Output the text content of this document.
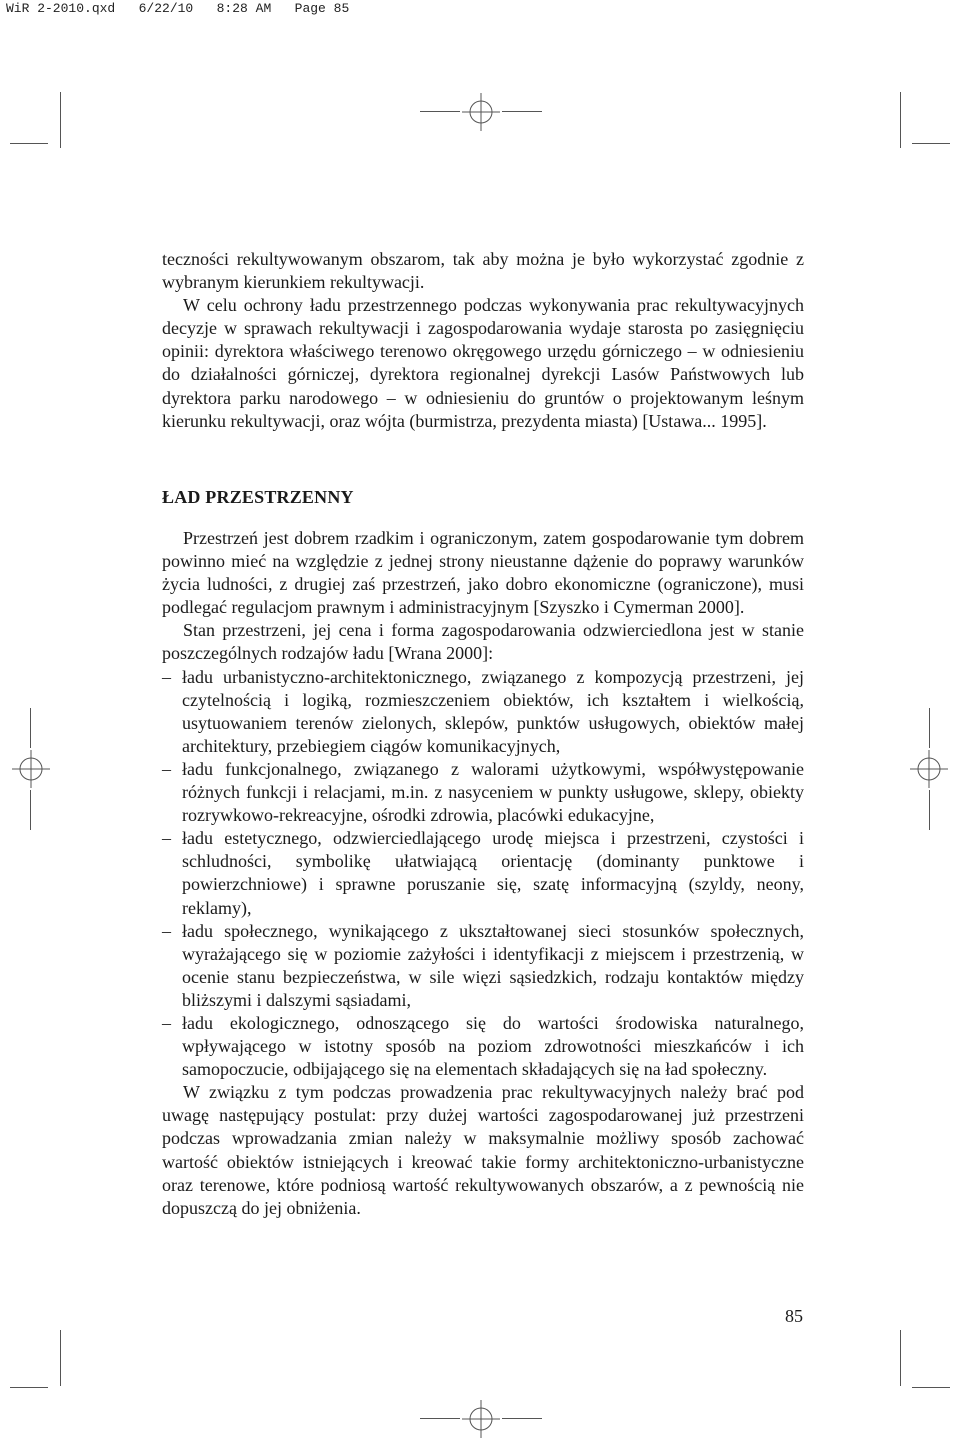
WiR 2-2010.qxd   6/22/10   8:28 AM   Page 85

teczności rekultywowanym obszarom, tak aby można je było wykorzystać zgodnie z wybranym kierunkiem rekultywacji.

W celu ochrony ładu przestrzennego podczas wykonywania prac rekultywacyjnych decyzje w sprawach rekultywacji i zagospodarowania wydaje starosta po zasięgnięciu opinii: dyrektora właściwego terenowo okręgowego urzędu górniczego – w odniesieniu do działalności górniczej, dyrektora regionalnej dyrekcji Lasów Państwowych lub dyrektora parku narodowego – w odniesieniu do gruntów o projektowanym leśnym kierunku rekultywacji, oraz wójta (burmistrza, prezydenta miasta) [Ustawa... 1995].

ŁAD PRZESTRZENNY

Przestrzeń jest dobrem rzadkim i ograniczonym, zatem gospodarowanie tym dobrem powinno mieć na względzie z jednej strony nieustanne dążenie do poprawy warunków życia ludności, z drugiej zaś przestrzeń, jako dobro ekonomiczne (ograniczone), musi podlegać regulacjom prawnym i administracyjnym [Szyszko i Cymerman 2000].

Stan przestrzeni, jej cena i forma zagospodarowania odzwierciedlona jest w stanie poszczególnych rodzajów ładu [Wrana 2000]:

– ładu urbanistyczno-architektonicznego, związanego z kompozycją przestrzeni, jej czytelnością i logiką, rozmieszczeniem obiektów, ich kształtem i wielkością, usytuowaniem terenów zielonych, sklepów, punktów usługowych, obiektów małej architektury, przebiegiem ciągów komunikacyjnych,
– ładu funkcjonalnego, związanego z walorami użytkowymi, współwystępowanie różnych funkcji i relacjami, m.in. z nasyceniem w punkty usługowe, sklepy, obiekty rozrywkowo-rekreacyjne, ośrodki zdrowia, placówki edukacyjne,
– ładu estetycznego, odzwierciedlającego urodę miejsca i przestrzeni, czystości i schludności, symbolikę ułatwiającą orientację (dominanty punktowe i powierzchniowe) i sprawne poruszanie się, szatę informacyjną (szyldy, neony, reklamy),
– ładu społecznego, wynikającego z ukształtowanej sieci stosunków społecznych, wyrażającego się w poziomie zażyłości i identyfikacji z miejscem i przestrzenią, w ocenie stanu bezpieczeństwa, w sile więzi sąsiedzkich, rodzaju kontaktów między bliższymi i dalszymi sąsiadami,
– ładu ekologicznego, odnoszącego się do wartości środowiska naturalnego, wpływającego w istotny sposób na poziom zdrowotności mieszkańców i ich samopoczucie, odbijającego się na elementach składających się na ład społeczny.

W związku z tym podczas prowadzenia prac rekultywacyjnych należy brać pod uwagę następujący postulat: przy dużej wartości zagospodarowanej już przestrzeni podczas wprowadzania zmian należy w maksymalnie możliwy sposób zachować wartość obiektów istniejących i kreować takie formy architektoniczno-urbanistyczne oraz terenowe, które podniosą wartość rekultywowanych obszarów, a z pewnością nie dopuszczą do jej obniżenia.

85
